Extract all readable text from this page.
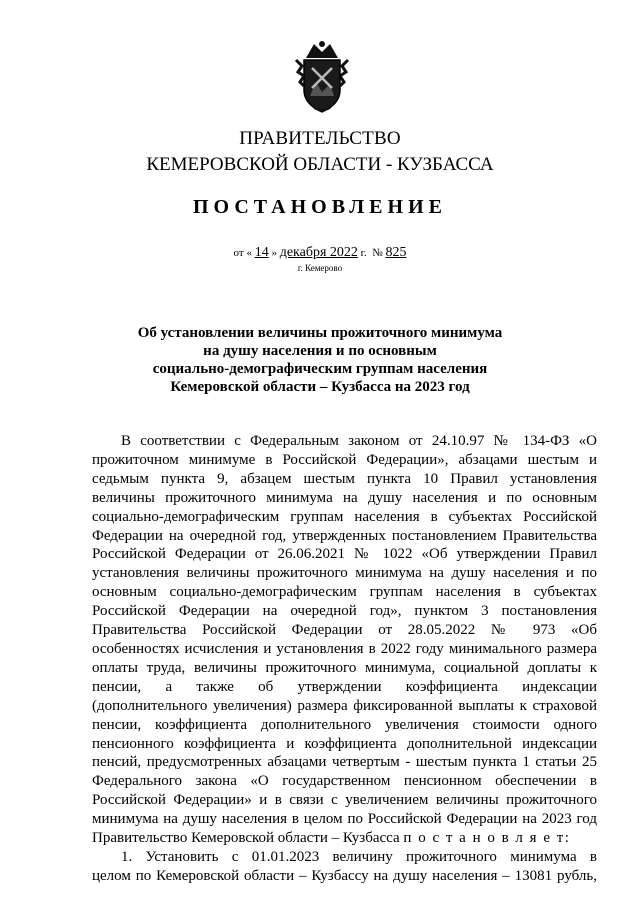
ПРАВИТЕЛЬСТВО
КЕМЕРОВСКОЙ ОБЛАСТИ - КУЗБАССА
ПОСТАНОВЛЕНИЕ
от « 14 » декабря 2022 г. № 825
г. Кемерово
Об установлении величины прожиточного минимума
на душу населения и по основным
социально-демографическим группам населения
Кемеровской области – Кузбасса на 2023 год
В соответствии с Федеральным законом от 24.10.97 № 134-ФЗ «О
прожиточном минимуме в Российской Федерации», абзацами шестым и
седьмым пункта 9, абзацем шестым пункта 10 Правил установления
величины прожиточного минимума на душу населения и по основным
социально-демографическим группам населения в субъектах Российской
Федерации на очередной год, утвержденных постановлением Правительства
Российской Федерации от 26.06.2021 № 1022 «Об утверждении Правил
установления величины прожиточного минимума на душу населения и по
основным социально-демографическим группам населения в субъектах
Российской Федерации на очередной год», пунктом 3 постановления
Правительства Российской Федерации от 28.05.2022 № 973 «Об
особенностях исчисления и установления в 2022 году минимального размера
оплаты труда, величины прожиточного минимума, социальной доплаты к
пенсии, а также об утверждении коэффициента индексации
(дополнительного увеличения) размера фиксированной выплаты к страховой
пенсии, коэффициента дополнительного увеличения стоимости одного
пенсионного коэффициента и коэффициента дополнительной индексации
пенсий, предусмотренных абзацами четвертым - шестым пункта 1 статьи 25
Федерального закона «О государственном пенсионном обеспечении в
Российской Федерации» и в связи с увеличением величины прожиточного
минимума на душу населения в целом по Российской Федерации на 2023 год
Правительство Кемеровской области – Кузбасса п о с т а н о в л я е т:
1. Установить с 01.01.2023 величину прожиточного минимума в
целом по Кемеровской области – Кузбассу на душу населения – 13081 рубль,
